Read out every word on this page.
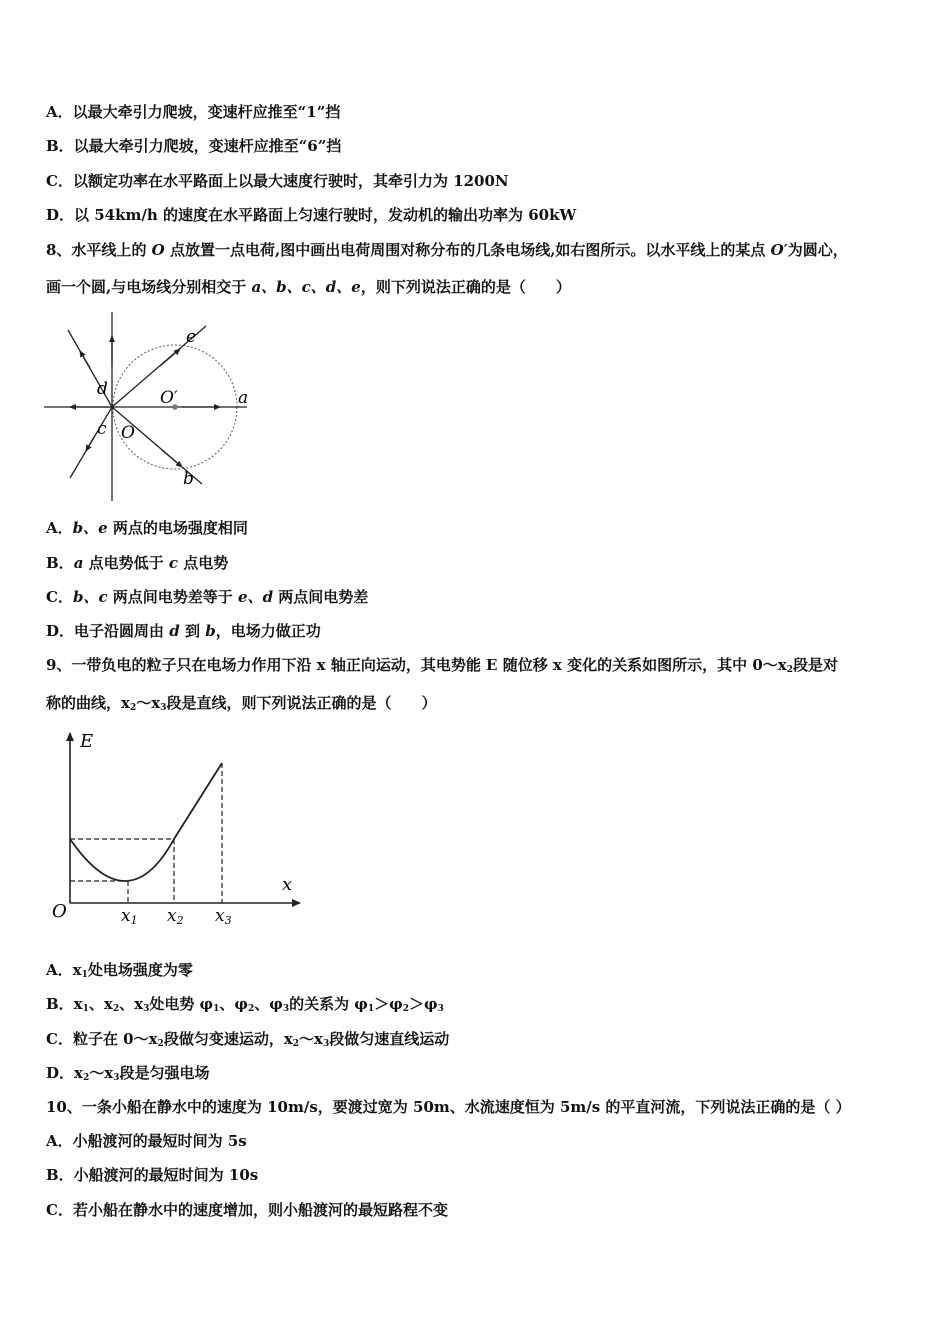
A．以最大牵引力爬坡，变速杆应推至“1”挡
B．以最大牵引力爬坡，变速杆应推至“6”挡
C．以额定功率在水平路面上以最大速度行驶时，其牵引力为 1200N
D．以 54km/h 的速度在水平路面上匀速行驶时，发动机的输出功率为 60kW
8、水平线上的 O 点放置一点电荷,图中画出电荷周围对称分布的几条电场线,如右图所示。以水平线上的某点 O′为圆心，
画一个圆,与电场线分别相交于 a、b、c、d、e，则下列说法正确的是（　　）
e
d
c O
O′	a
b
A．b、e 两点的电场强度相同
B．a 点电势低于 c 点电势
C．b、c 两点间电势差等于 e、d 两点间电势差
D．电子沿圆周由 d 到 b，电场力做正功
9、一带负电的粒子只在电场力作用下沿 x 轴正向运动，其电势能 E 随位移 x 变化的关系如图所示，其中 $0\sim x_2$段是对
称的曲线，$x_2\sim x_3$段是直线，则下列说法正确的是（　　）
E
x
O	x1 x2 x3
A．$x_1$处电场强度为零
B．$x_1$、$x_2$、$x_3$处电势 $\varphi_1$、$\varphi_2$、$\varphi_3$的关系为 $\varphi_1>\varphi_2>\varphi_3$
C．粒子在 $0\sim x_2$段做匀变速运动，$x_2\sim x_3$段做匀速直线运动
D．$x_2\sim x_3$段是匀强电场
10、一条小船在静水中的速度为 10m/s，要渡过宽为 50m、水流速度恒为 5m/s 的平直河流，下列说法正确的是（ ）
A．小船渡河的最短时间为 5s
B．小船渡河的最短时间为 10s
C．若小船在静水中的速度增加，则小船渡河的最短路程不变
